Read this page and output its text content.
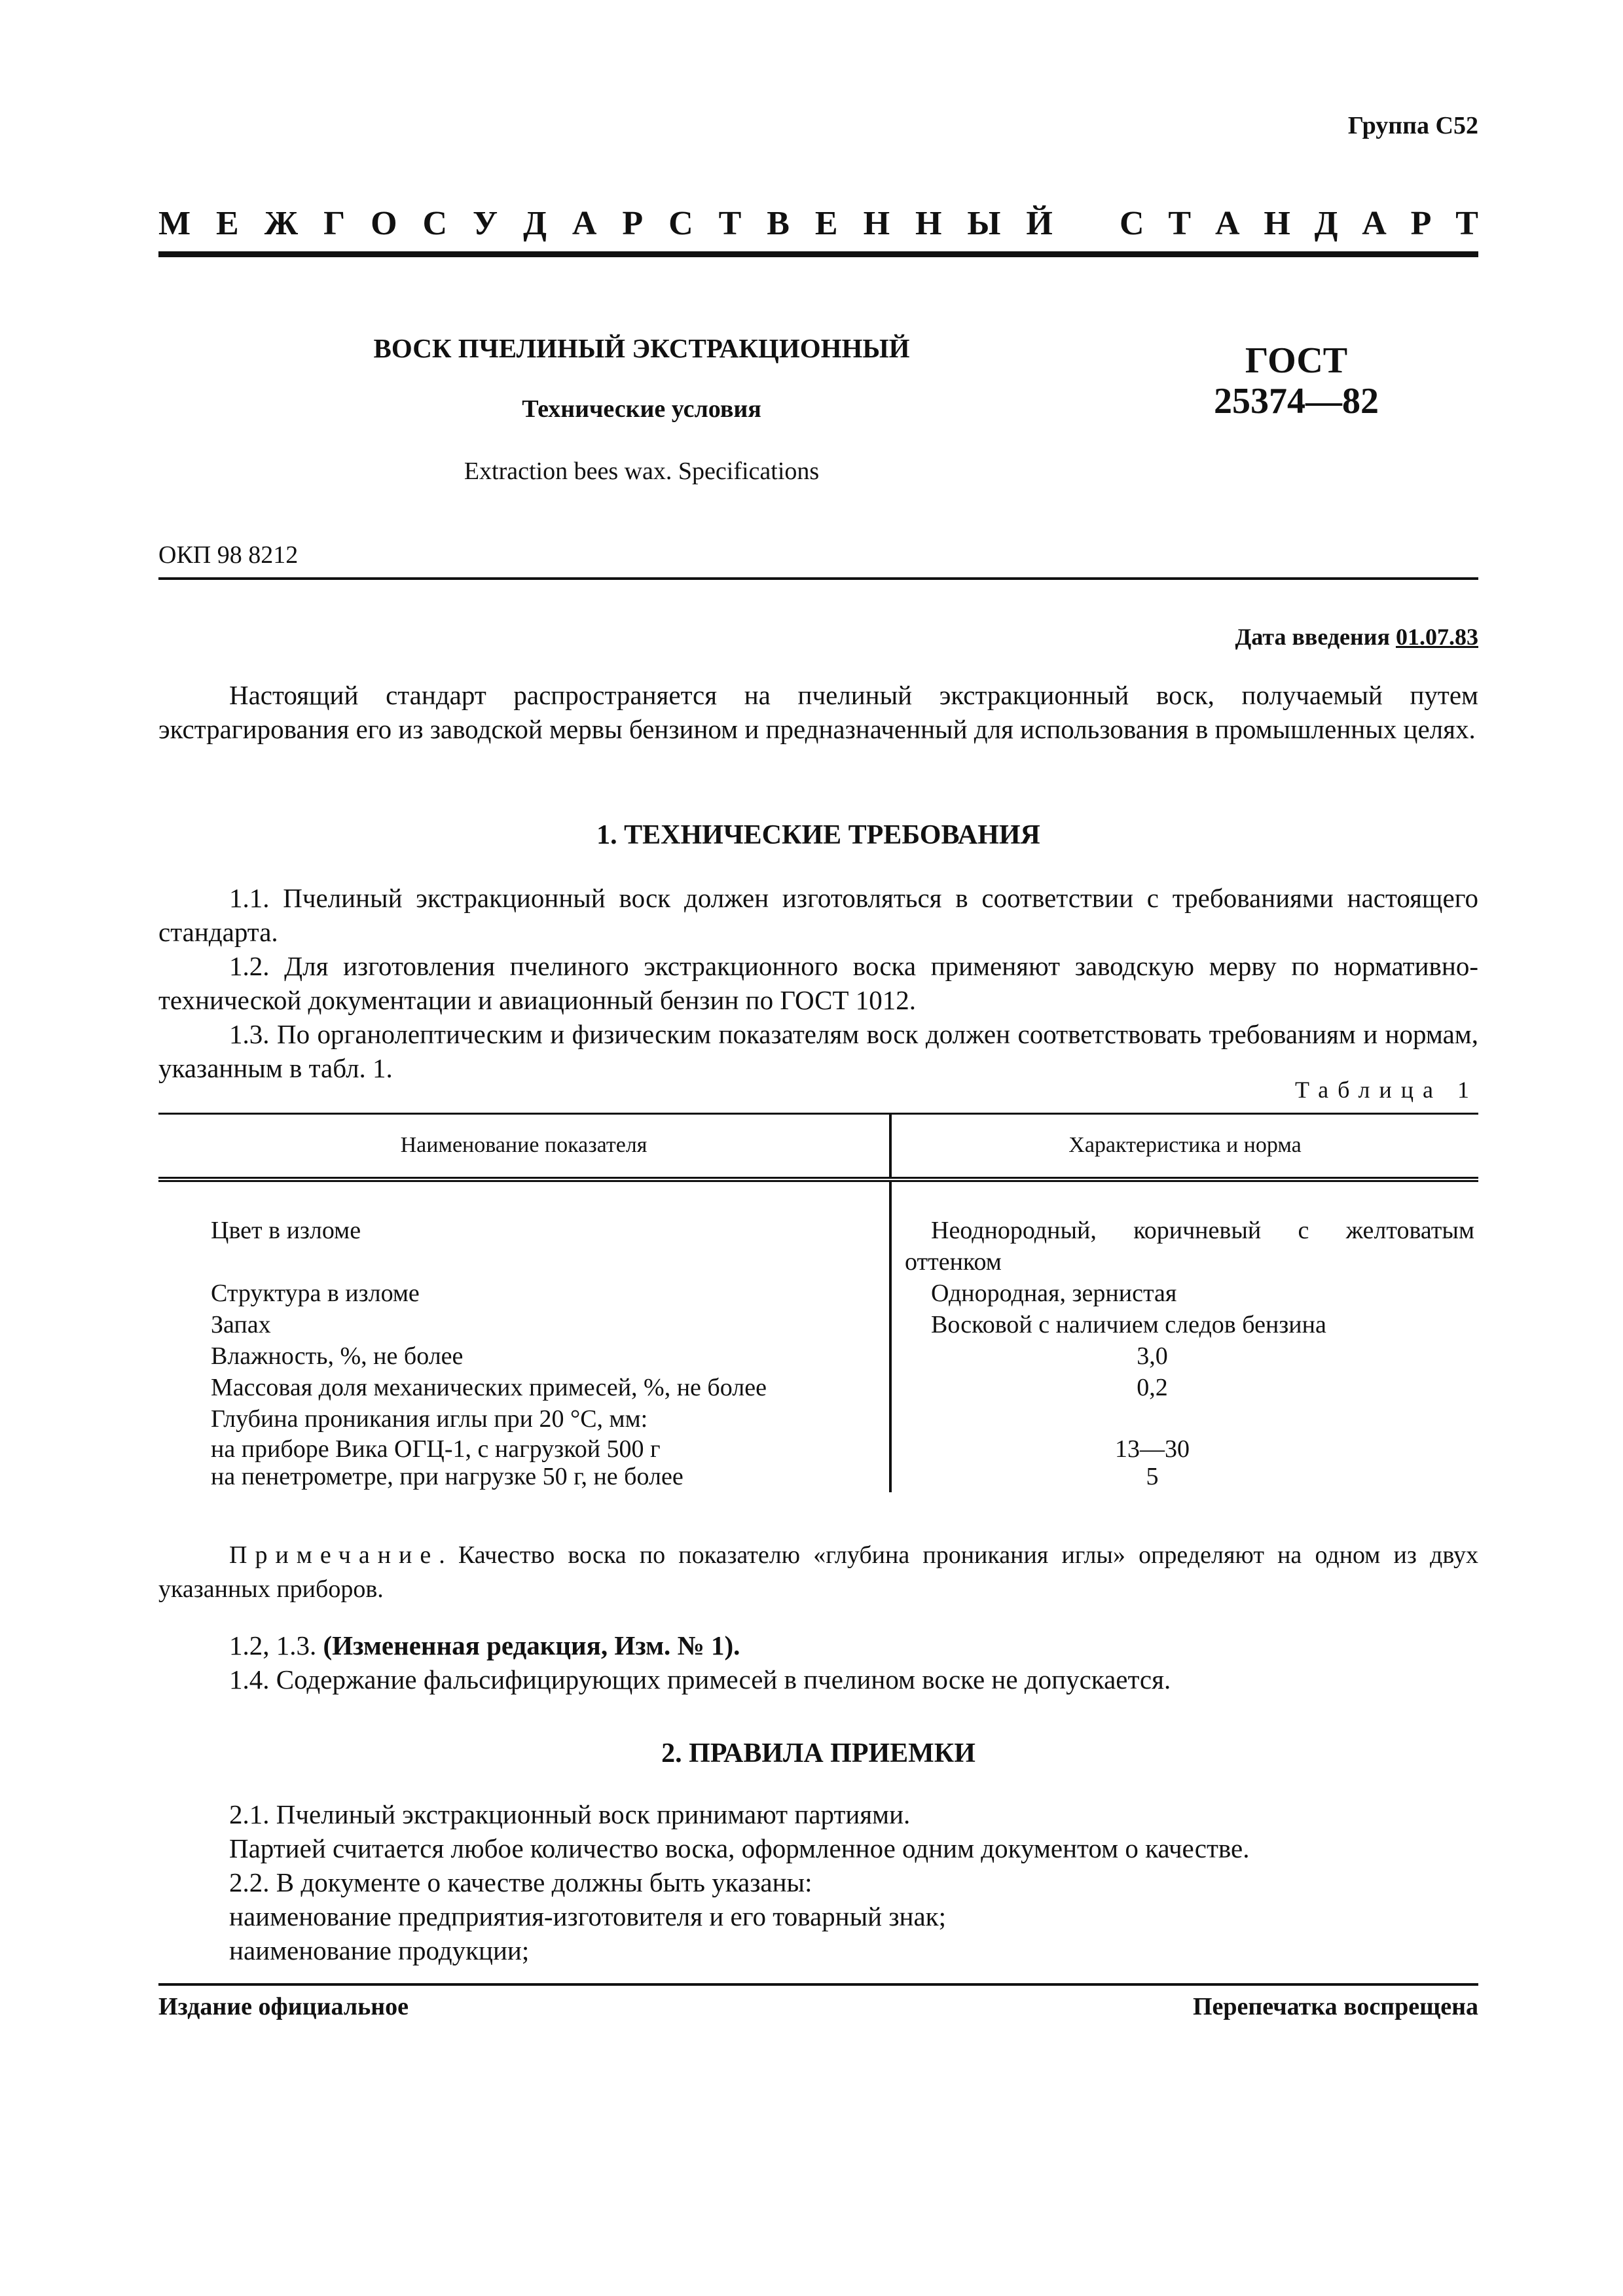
Группа С52
М Е Ж Г О С У Д А Р С Т В Е Н Н Ы Й С Т А Н Д А Р Т
ВОСК ПЧЕЛИНЫЙ ЭКСТРАКЦИОННЫЙ
Технические условия
Extraction bees wax. Specifications
ГОСТ
25374—82
ОКП 98 8212
Дата введения 01.07.83
Настоящий стандарт распространяется на пчелиный экстракционный воск, получаемый путем экстрагирования его из заводской мервы бензином и предназначенный для использования в промышленных целях.
1. ТЕХНИЧЕСКИЕ ТРЕБОВАНИЯ
1.1. Пчелиный экстракционный воск должен изготовляться в соответствии с требованиями настоящего стандарта.
1.2. Для изготовления пчелиного экстракционного воска применяют заводскую мерву по нормативно-технической документации и авиационный бензин по ГОСТ 1012.
1.3. По органолептическим и физическим показателям воск должен соответствовать требованиям и нормам, указанным в табл. 1.
Таблица 1
Наименование показателя	Характеристика и норма

Цвет в изломе	Неоднородный, коричневый с желтоватым оттенком

Структура в изломе	Однородная, зернистая

Запах	Восковой с наличием следов бензина

Влажность, %, не более	3,0

Массовая доля механических примесей, %, не более	0,2

Глубина проникания иглы при 20 °С, мм:	

на приборе Вика ОГЦ-1, с нагрузкой 500 г	13—30

на пенетрометре, при нагрузке 50 г, не более	5
Примечание. Качество воска по показателю «глубина проникания иглы» определяют на одном из двух указанных приборов.
1.2, 1.3. (Измененная редакция, Изм. № 1).
1.4. Содержание фальсифицирующих примесей в пчелином воске не допускается.
2. ПРАВИЛА ПРИЕМКИ
2.1. Пчелиный экстракционный воск принимают партиями.
Партией считается любое количество воска, оформленное одним документом о качестве.
2.2. В документе о качестве должны быть указаны:
наименование предприятия-изготовителя и его товарный знак;
наименование продукции;
Издание официальное	Перепечатка воспрещена
